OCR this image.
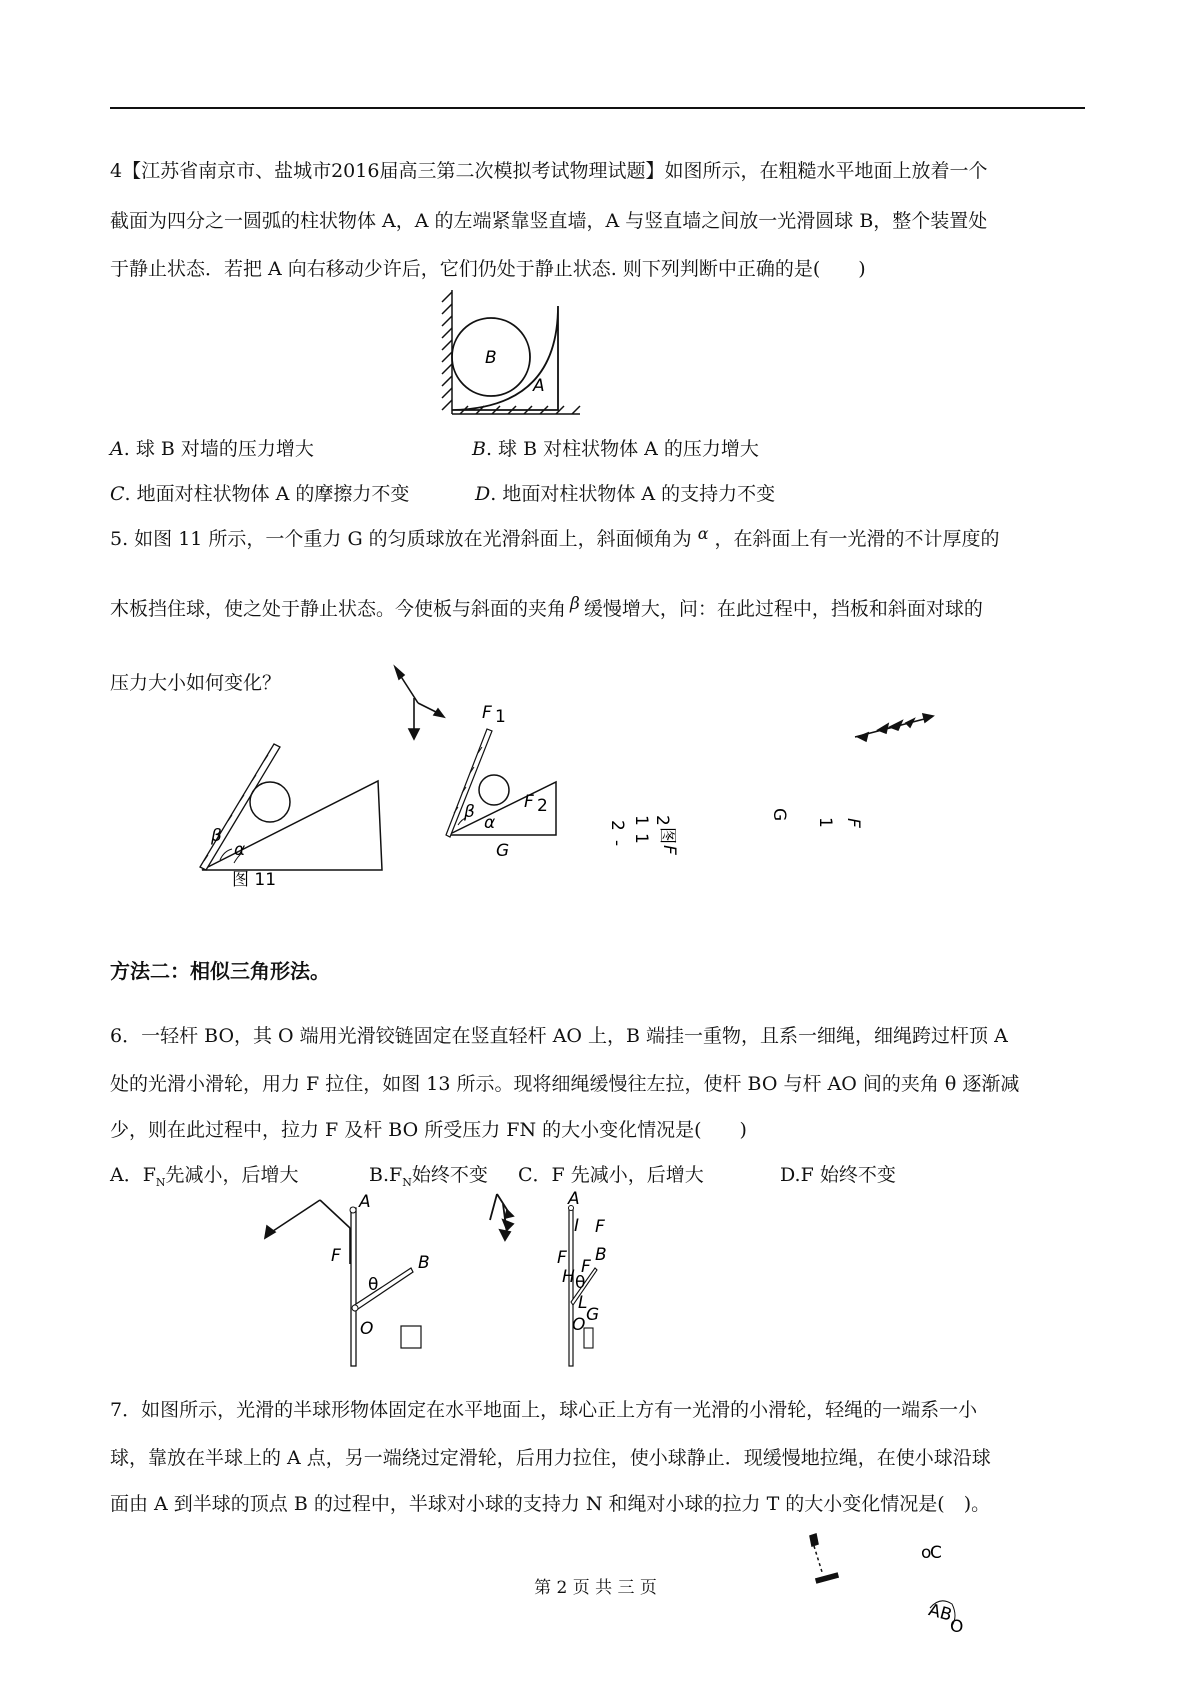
4【江苏省南京市、盐城市2016届高三第二次模拟考试物理试题】如图所示，在粗糙水平地面上放着一个
截面为四分之一圆弧的柱状物体 A，A 的左端紧靠竖直墙，A 与竖直墙之间放一光滑圆球 B，整个装置处
于静止状态．若把 A 向右移动少许后，它们仍处于静止状态. 则下列判断中正确的是(　　)
B
A
A. 球 B 对墙的压力增大	B. 球 B 对柱状物体 A 的压力增大
C. 地面对柱状物体 A 的摩擦力不变	D. 地面对柱状物体 A 的支持力不变
5. 如图 11 所示，一个重力 G 的匀质球放在光滑斜面上，斜面倾角为 $^\alpha$ ，在斜面上有一光滑的不计厚度的
木板挡住球，使之处于静止状态。今使板与斜面的夹角 β 缓慢增大，问：在此过程中，挡板和斜面对球的
压力大小如何变化？
F 1
β
α
图 11
β
α
F 2
G
2
-
1
1
2
图
F
G
1 F
方法二：相似三角形法。
6．一轻杆 BO，其 O 端用光滑铰链固定在竖直轻杆 AO 上，B 端挂一重物，且系一细绳，细绳跨过杆顶 A
处的光滑小滑轮，用力 F 拉住，如图 13 所示。现将细绳缓慢往左拉，使杆 BO 与杆 AO 间的夹角 θ 逐渐减
少，则在此过程中，拉力 F 及杆 BO 所受压力 FN 的大小变化情况是(　　)
A．$F_N$先减小，后增大	$B.F_N$始终不变 C．F 先减小，后增大	D.F 始终不变
A
F	B
θ
O
A
I F
F B
F
H θ
L
G
O
7．如图所示，光滑的半球形物体固定在水平地面上，球心正上方有一光滑的小滑轮，轻绳的一端系一小
球，靠放在半球上的 A 点，另一端绕过定滑轮，后用力拉住，使小球静止．现缓慢地拉绳，在使小球沿球
面由 A 到半球的顶点 B 的过程中，半球对小球的支持力 N 和绳对小球的拉力 T 的大小变化情况是(　)。
o
C
AB
O
第 2 页 共 三 页
